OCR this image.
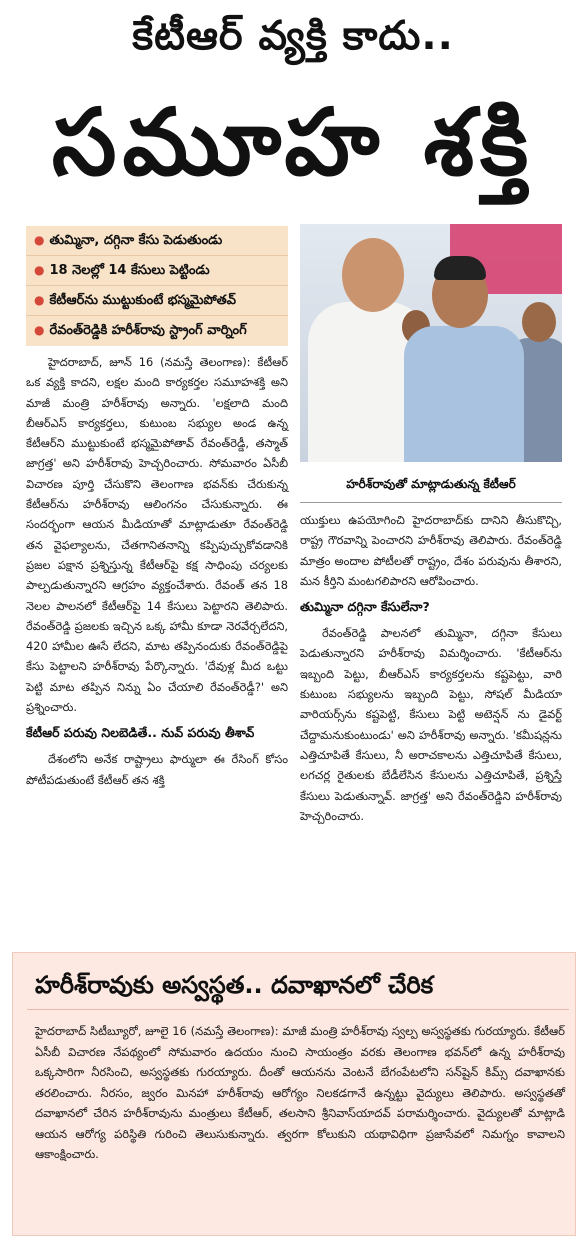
కేటీఆర్ వ్యక్తి కాదు..
సమూహ శక్తి
● తుమ్మినా, దగ్గినా కేసు పెడుతుండు
● 18 నెలల్లో 14 కేసులు పెట్టిండు
● కేటీఆర్‌ను ముట్టుకుంటే భస్మమైపోతవ్
● రేవంత్‌రెడ్డికి హరీశ్‌రావు స్ట్రాంగ్ వార్నింగ్
హరీశ్‌రావుతో మాట్లాడుతున్న కేటీఆర్

హైదరాబాద్, జూన్ 16 (నమస్తే తెలంగాణ): కేటీఆర్ ఒక వ్యక్తి కాదని, లక్షల మంది కార్యకర్తల సమూహశక్తి అని మాజీ మంత్రి హరీశ్‌రావు అన్నారు. 'లక్షలాది మంది బీఆర్‌ఎస్ కార్యకర్తలు, కుటుంబ సభ్యుల అండ ఉన్న కేటీఆర్‌ని ముట్టుకుంటే భస్మమైపోతావ్ రేవంత్‌రెడ్డీ, తస్మాత్ జాగ్రత్త' అని హరీశ్‌రావు హెచ్చరించారు. సోమవారం ఏసీబీ విచారణ పూర్తి చేసుకొని తెలంగాణ భవన్‌కు చేరుకున్న కేటీఆర్‌ను హరీశ్‌రావు ఆలింగనం చేసుకున్నారు. ఈ సందర్భంగా ఆయన మీడియాతో మాట్లాడుతూ రేవంత్‌రెడ్డి తన వైఫల్యాలను, చేతగానితనాన్ని కప్పిపుచ్చుకోవడానికి ప్రజల పక్షాన ప్రశ్నిస్తున్న కేటీఆర్‌పై కక్ష సాధింపు చర్యలకు పాల్పడుతున్నారని ఆగ్రహం వ్యక్తంచేశారు. రేవంత్ తన 18 నెలల పాలనలో కేటీఆర్‌పై 14 కేసులు పెట్టారని తెలిపారు. రేవంత్‌రెడ్డి ప్రజలకు ఇచ్చిన ఒక్క హామీ కూడా నెరవేర్చలేదని, 420 హామీల ఊసే లేదని, మాట తప్పినందుకు రేవంత్‌రెడ్డిపై కేసు పెట్టాలని హరీశ్‌రావు పేర్కొన్నారు. 'దేవుళ్ల మీద ఒట్టు పెట్టి మాట తప్పిన నిన్ను ఏం చేయాలి రేవంత్‌రెడ్డీ?' అని ప్రశ్నించారు.

కేటీఆర్ పరువు నిలబెడితే.. నువ్ పరువు తీశావ్

దేశంలోని అనేక రాష్ట్రాలు ఫార్ములా ఈ రేసింగ్ కోసం పోటీపడుతుంటే కేటీఆర్ తన శక్తి

యుక్తులు ఉపయోగించి హైదరాబాద్‌కు దానిని తీసుకొచ్చి, రాష్ట్ర గౌరవాన్ని పెంచారని హరీశ్‌రావు తెలిపారు. రేవంత్‌రెడ్డి మాత్రం అందాల పోటీలతో రాష్ట్రం, దేశం పరువును తీశారని, మన కీర్తిని మంటగలిపారని ఆరోపించారు.

తుమ్మినా దగ్గినా కేసులేనా?

రేవంత్‌రెడ్డి పాలనలో తుమ్మినా, దగ్గినా కేసులు పెడుతున్నారని హరీశ్‌రావు విమర్శించారు. 'కేటీఆర్‌ను ఇబ్బంది పెట్టు, బీఆర్‌ఎస్ కార్యకర్తలను కష్టపెట్టు, వారి కుటుంబ సభ్యులను ఇబ్బంది పెట్టు, సోషల్ మీడియా వారియర్స్‌ను కష్టపెట్టి, కేసులు పెట్టి అటెన్షన్ ను డైవర్ట్ చేద్దామనుకుంటుండు' అని హరీశ్‌రావు అన్నారు. 'కమీషన్లను ఎత్తిచూపితే కేసులు, నీ అరాచకాలను ఎత్తిచూపితే కేసులు, లగచర్ల రైతులకు బేడీలేసిన కేసులను ఎత్తిచూపితే, ప్రశ్నిస్తే కేసులు పెడుతున్నావ్. జాగ్రత్త' అని రేవంత్‌రెడ్డిని హరీశ్‌రావు హెచ్చరించారు.

హరీశ్‌రావుకు అస్వస్థత.. దవాఖానలో చేరిక
హైదరాబాద్ సిటీబ్యూరో, జూలై 16 (నమస్తే తెలంగాణ): మాజీ మంత్రి హరీశ్‌రావు స్వల్ప అస్వస్థతకు గురయ్యారు. కేటీఆర్ ఏసీబీ విచారణ నేపథ్యంలో సోమవారం ఉదయం నుంచి సాయంత్రం వరకు తెలంగాణ భవన్‌లో ఉన్న హరీశ్‌రావు ఒక్కసారిగా నీరసించి, అస్వస్థతకు గురయ్యారు. దీంతో ఆయనను వెంటనే బేగంపేటలోని సన్‌షైన్ కిమ్స్ దవాఖానకు తరలించారు. నీరసం, జ్వరం మినహా హరీశ్‌రావు ఆరోగ్యం నిలకడగానే ఉన్నట్టు వైద్యులు తెలిపారు. అస్వస్థతతో దవాఖానలో చేరిన హరీశ్‌రావును మంత్రులు కేటీఆర్, తలసాని శ్రీనివాస్‌యాదవ్ పరామర్శించారు. వైద్యులతో మాట్లాడి ఆయన ఆరోగ్య పరిస్థితి గురించి తెలుసుకున్నారు. త్వరగా కోలుకుని యథావిధిగా ప్రజాసేవలో నిమగ్నం కావాలని ఆకాంక్షించారు.
